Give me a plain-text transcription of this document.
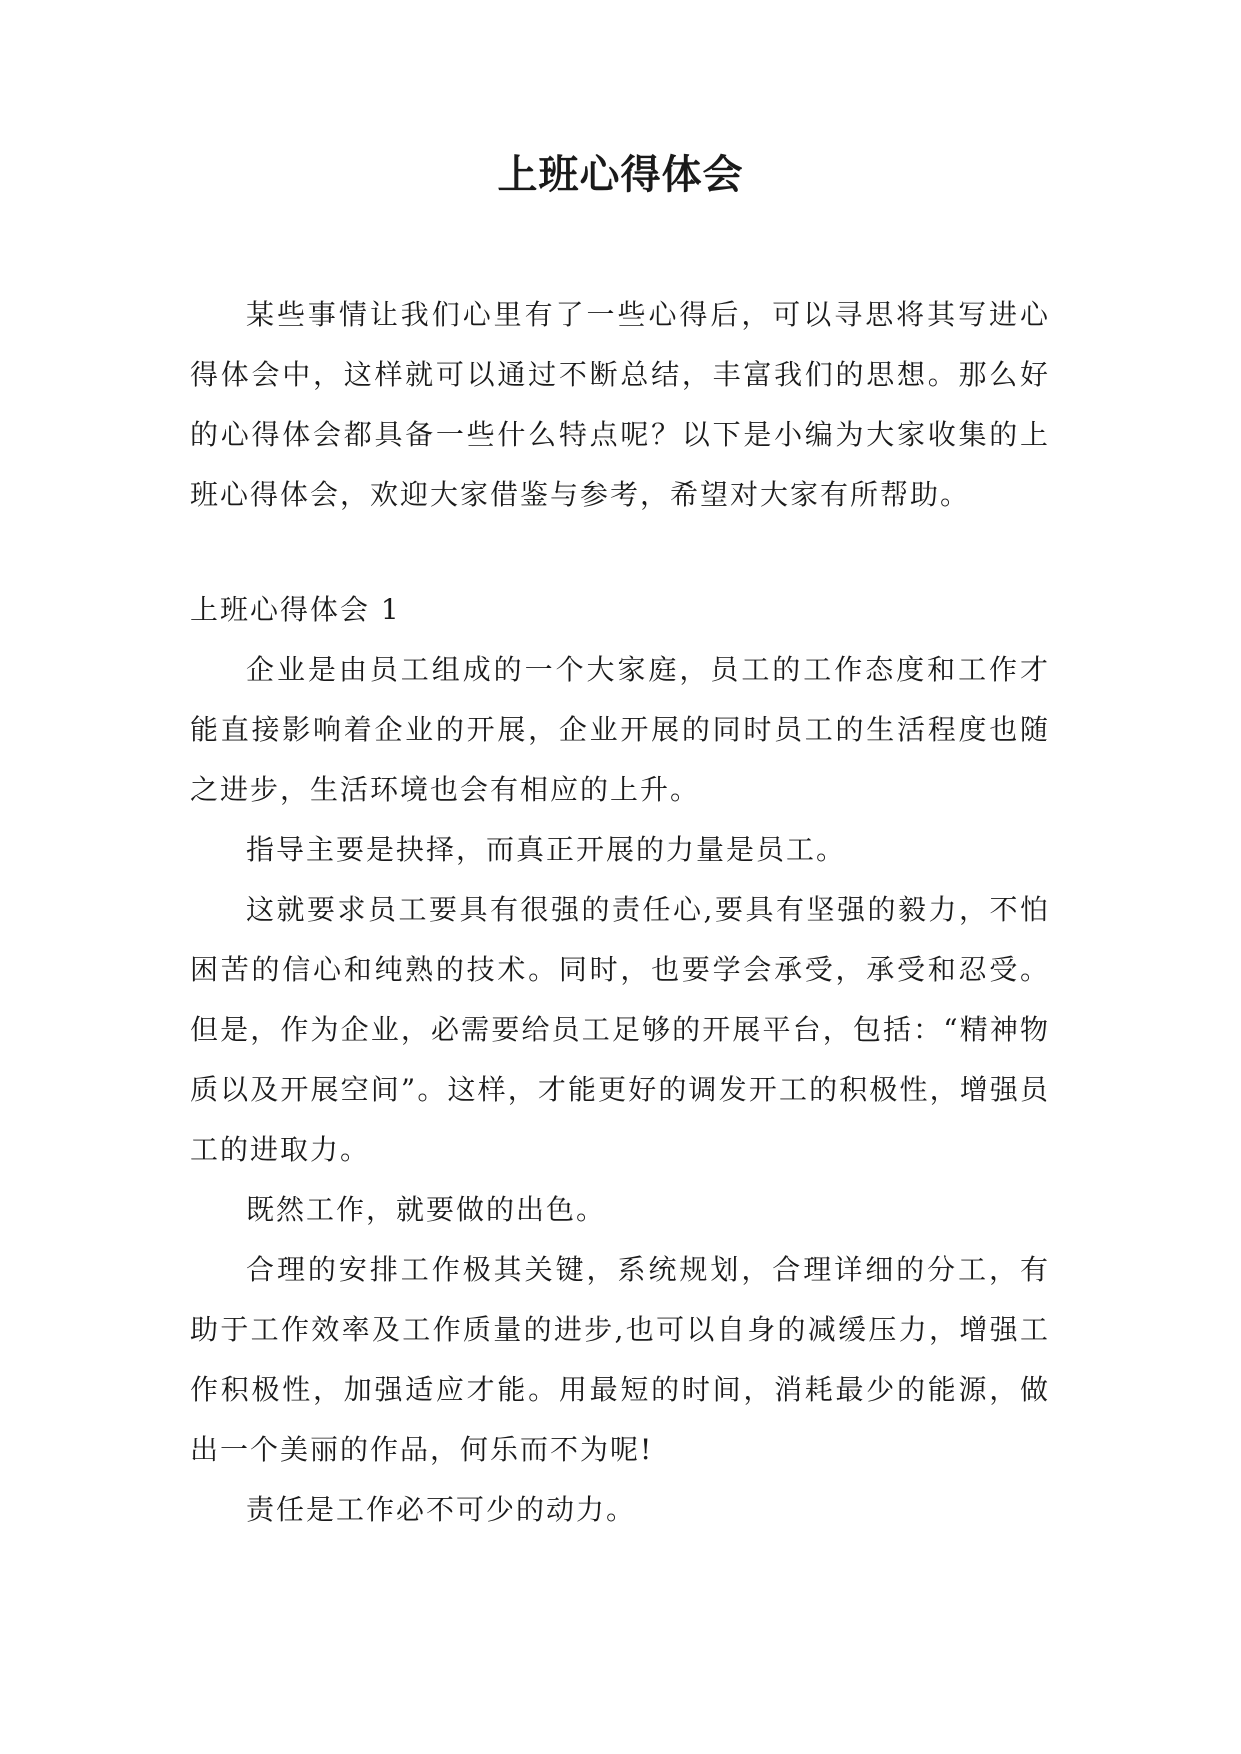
上班心得体会

某些事情让我们心里有了一些心得后，可以寻思将其写进心得体会中，这样就可以通过不断总结，丰富我们的思想。那么好的心得体会都具备一些什么特点呢？以下是小编为大家收集的上班心得体会，欢迎大家借鉴与参考，希望对大家有所帮助。

上班心得体会 1

企业是由员工组成的一个大家庭，员工的工作态度和工作才能直接影响着企业的开展，企业开展的同时员工的生活程度也随之进步，生活环境也会有相应的上升。

指导主要是抉择，而真正开展的力量是员工。

这就要求员工要具有很强的责任心,要具有坚强的毅力，不怕困苦的信心和纯熟的技术。同时，也要学会承受，承受和忍受。但是，作为企业，必需要给员工足够的开展平台，包括：“精神物质以及开展空间”。这样，才能更好的调发开工的积极性，增强员工的进取力。

既然工作，就要做的出色。

合理的安排工作极其关键，系统规划，合理详细的分工，有助于工作效率及工作质量的进步,也可以自身的减缓压力，增强工作积极性，加强适应才能。用最短的时间，消耗最少的能源，做出一个美丽的作品，何乐而不为呢!

责任是工作必不可少的动力。
